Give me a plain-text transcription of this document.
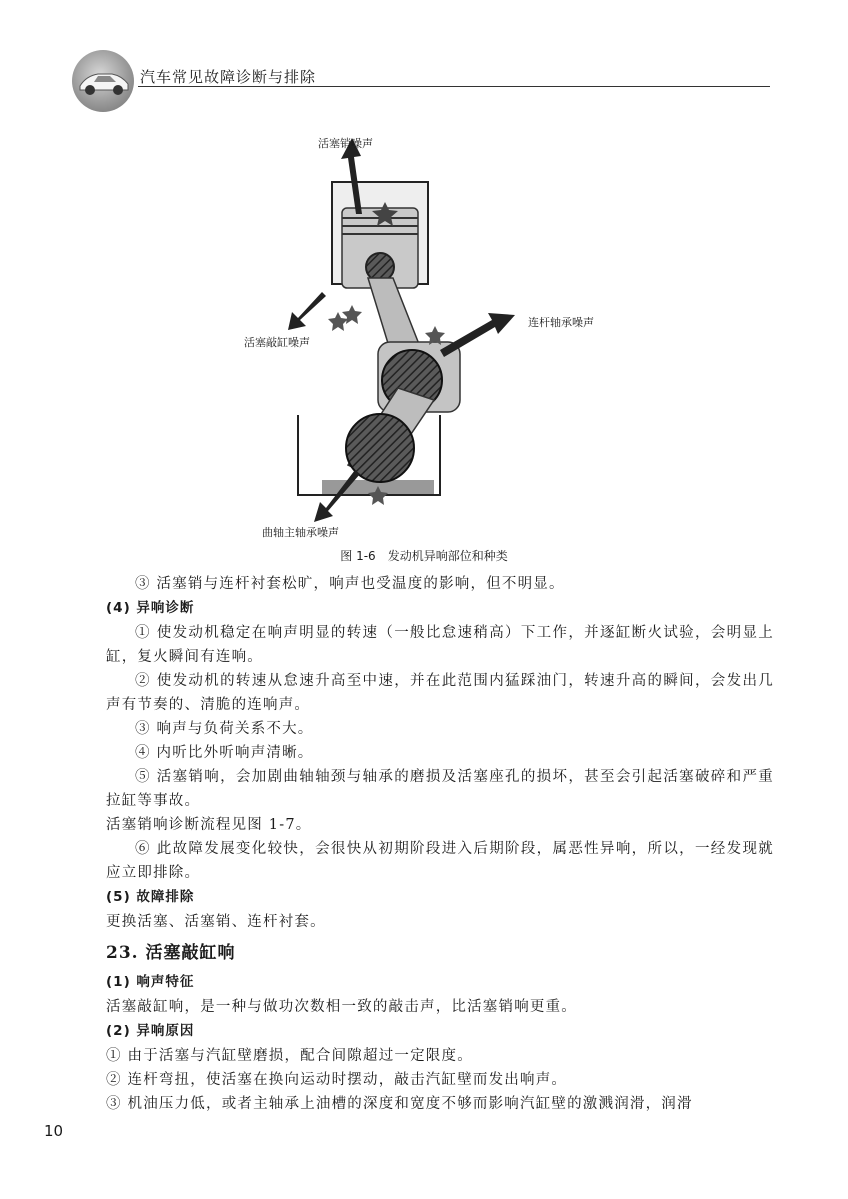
汽车常见故障诊断与排除
活塞销噪声
连杆轴承噪声
活塞敲缸噪声
曲轴主轴承噪声
图 1-6　发动机异响部位和种类

③ 活塞销与连杆衬套松旷，响声也受温度的影响，但不明显。

(4) 异响诊断

① 使发动机稳定在响声明显的转速（一般比怠速稍高）下工作，并逐缸断火试验，会明显上缸，复火瞬间有连响。

② 使发动机的转速从怠速升高至中速，并在此范围内猛踩油门，转速升高的瞬间，会发出几声有节奏的、清脆的连响声。

③ 响声与负荷关系不大。

④ 内听比外听响声清晰。

⑤ 活塞销响，会加剧曲轴轴颈与轴承的磨损及活塞座孔的损坏，甚至会引起活塞破碎和严重拉缸等事故。

活塞销响诊断流程见图 1-7。

⑥ 此故障发展变化较快，会很快从初期阶段进入后期阶段，属恶性异响，所以，一经发现就应立即排除。

(5) 故障排除

更换活塞、活塞销、连杆衬套。

23. 活塞敲缸响

(1) 响声特征

活塞敲缸响，是一种与做功次数相一致的敲击声，比活塞销响更重。

(2) 异响原因

① 由于活塞与汽缸壁磨损，配合间隙超过一定限度。

② 连杆弯扭，使活塞在换向运动时摆动，敲击汽缸壁而发出响声。

③ 机油压力低，或者主轴承上油槽的深度和宽度不够而影响汽缸壁的激溅润滑，润滑

10
